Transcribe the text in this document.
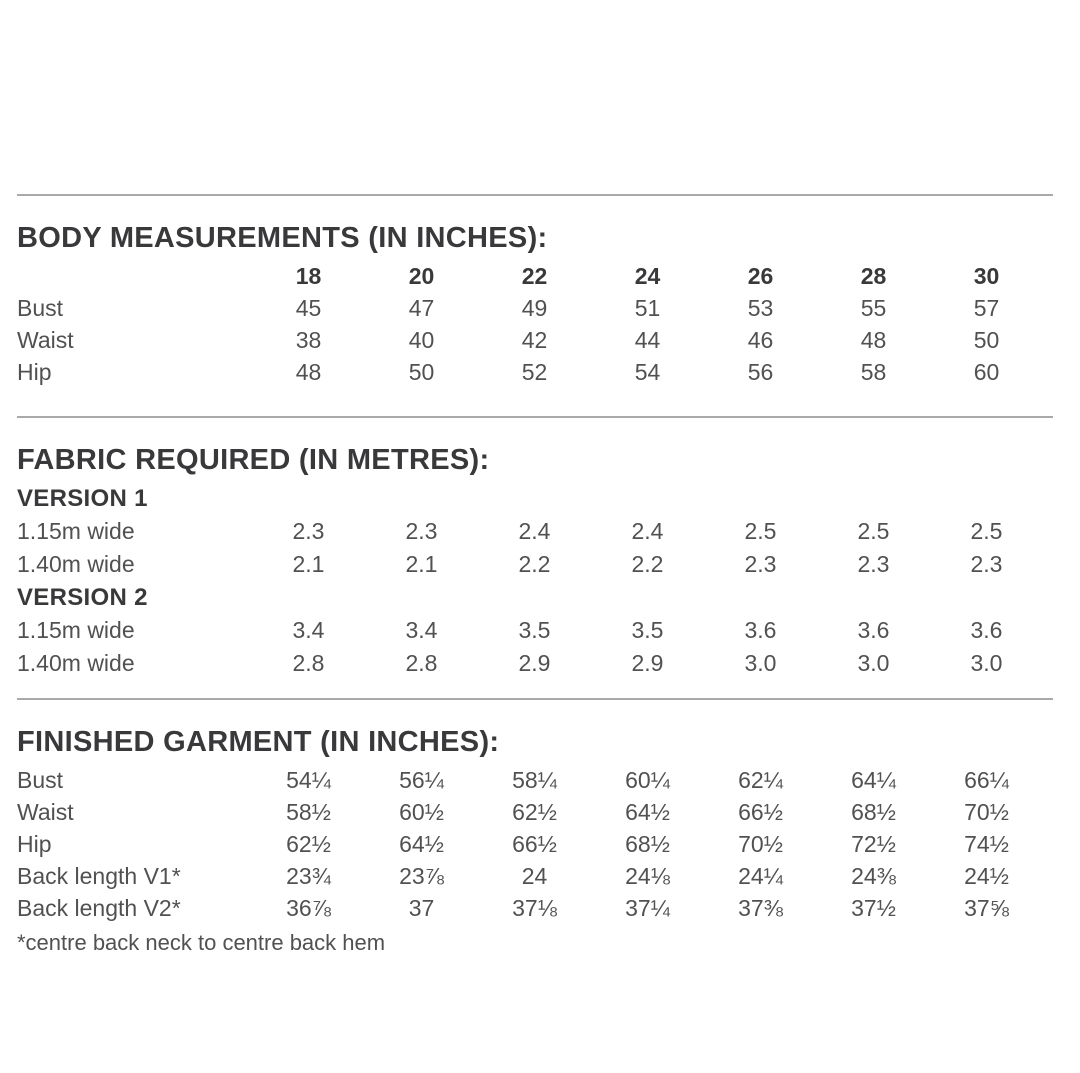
BODY MEASUREMENTS (IN INCHES):
	18	20	22	24	26	28	30
Bust	45	47	49	51	53	55	57
Waist	38	40	42	44	46	48	50
Hip	48	50	52	54	56	58	60
FABRIC REQUIRED (IN METRES):
VERSION 1							
1.15m wide	2.3	2.3	2.4	2.4	2.5	2.5	2.5
1.40m wide	2.1	2.1	2.2	2.2	2.3	2.3	2.3
VERSION 2							
1.15m wide	3.4	3.4	3.5	3.5	3.6	3.6	3.6
1.40m wide	2.8	2.8	2.9	2.9	3.0	3.0	3.0
FINISHED GARMENT (IN INCHES):
Bust	54¼	56¼	58¼	60¼	62¼	64¼	66¼
Waist	58½	60½	62½	64½	66½	68½	70½
Hip	62½	64½	66½	68½	70½	72½	74½
Back length V1*	23¾	23⅞	24	24⅛	24¼	24⅜	24½
Back length V2*	36⅞	37	37⅛	37¼	37⅜	37½	37⅝

*centre back neck to centre back hem
